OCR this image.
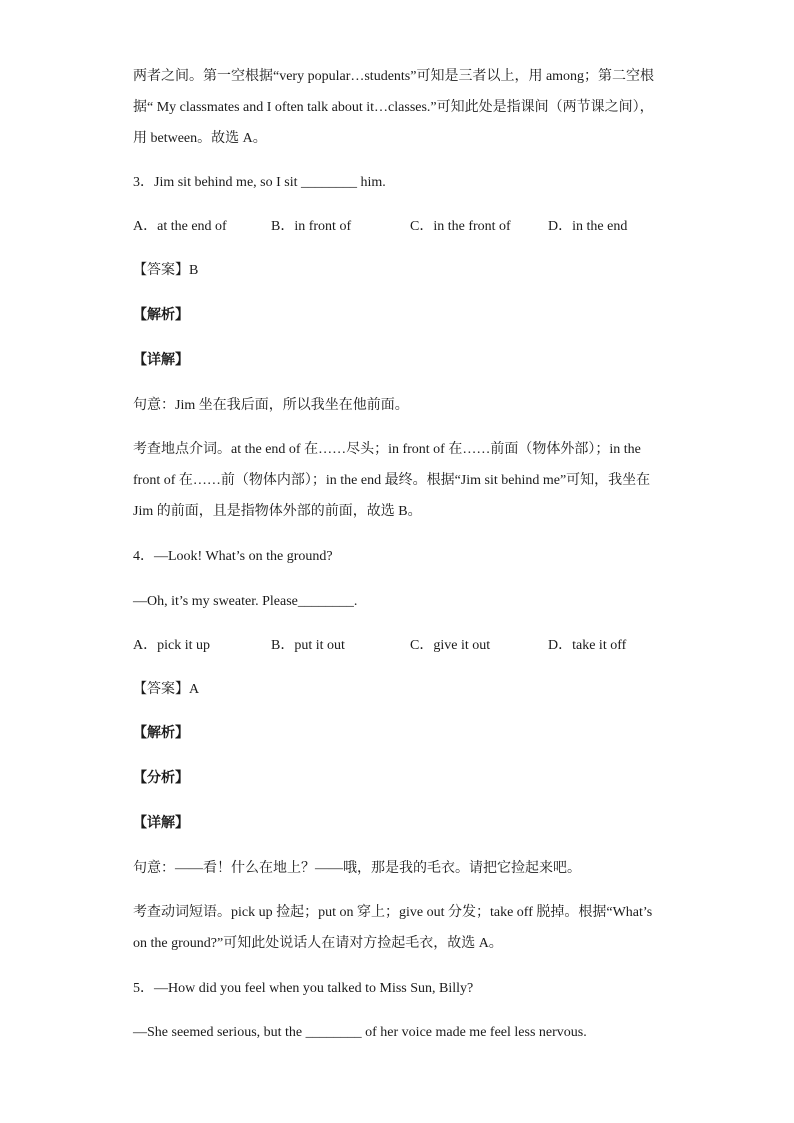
两者之间。第一空根据“very popular…students”可知是三者以上，用 among；第二空根
据“ My classmates and I often talk about it…classes.”可知此处是指课间（两节课之间），
用 between。故选 A。
3．Jim sit behind me, so I sit ________ him.
A．at the end of	B．in front of	C．in the front of	D．in the end
【答案】B
【解析】
【详解】
句意：Jim 坐在我后面，所以我坐在他前面。
考查地点介词。at the end of 在……尽头；in front of 在……前面（物体外部）；in the
front of 在……前（物体内部）；in the end 最终。根据“Jim sit behind me”可知，我坐在
Jim 的前面，且是指物体外部的前面，故选 B。
4．—Look! What’s on the ground?
—Oh, it’s my sweater. Please________.
A．pick it up	B．put it out	C．give it out	D．take it off
【答案】A
【解析】
【分析】
【详解】
句意：——看！什么在地上？——哦，那是我的毛衣。请把它捡起来吧。
考查动词短语。pick up 捡起；put on 穿上；give out 分发；take off 脱掉。根据“What’s
on the ground?”可知此处说话人在请对方捡起毛衣，故选 A。
5．—How did you feel when you talked to Miss Sun, Billy?
—She seemed serious, but the ________ of her voice made me feel less nervous.
